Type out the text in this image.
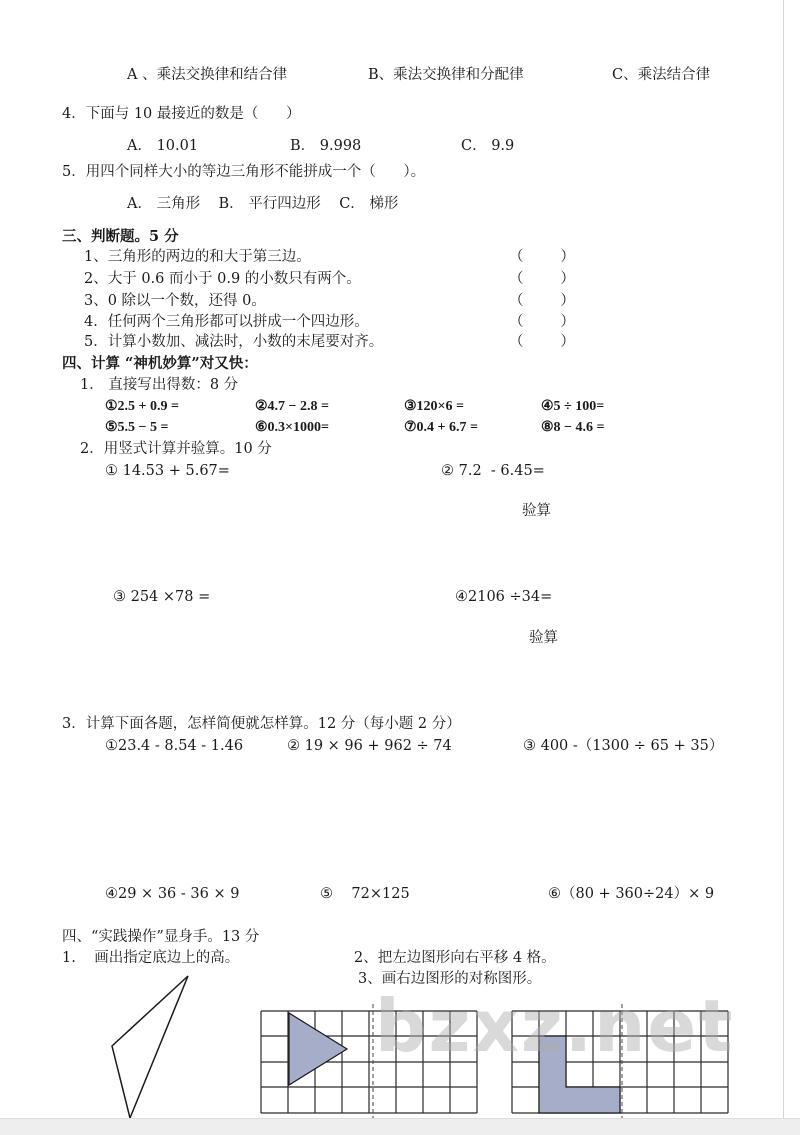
A 、乘法交换律和结合律	B、乘法交换律和分配律	C、乘法结合律
4．下面与 10 最接近的数是（      ）
A． 10.01	B． 9.998	C． 9.9
5．用四个同样大小的等边三角形不能拼成一个（      ）。
A． 三角形    B． 平行四边形    C． 梯形
三、判断题。5 分
1、三角形的两边的和大于第三边。	（        ）
2、大于 0.6 而小于 0.9 的小数只有两个。	（        ）
3、0 除以一个数，还得 0。	（        ）
4．任何两个三角形都可以拼成一个四边形。	（        ）
5．计算小数加、减法时，小数的末尾要对齐。	（        ）
四、计算 “神机妙算”对又快：
1． 直接写出得数：8 分
①2.5 + 0.9 =	②4.7 − 2.8 =	③120×6 =	④5 ÷ 100=
⑤5.5 − 5 =	⑥0.3×1000=	⑦0.4 + 6.7 =	⑧8 − 4.6 =
2．用竖式计算并验算。10 分
① 14.53 + 5.67=	② 7.2  - 6.45=
验算
③ 254 ×78 =	④2106 ÷34=
验算
3．计算下面各题，怎样简便就怎样算。12 分（每小题 2 分）
①23.4 - 8.54 - 1.46	② 19 × 96 + 962 ÷ 74	③ 400 -（1300 ÷ 65 + 35）
④29 × 36 - 36 × 9	⑤    72×125	⑥（80 + 360÷24）× 9
四、“实践操作”显身手。13 分
1.    画出指定底边上的高。	2、把左边图形向右平移 4 格。
3、画右边图形的对称图形。
bzxz.net
